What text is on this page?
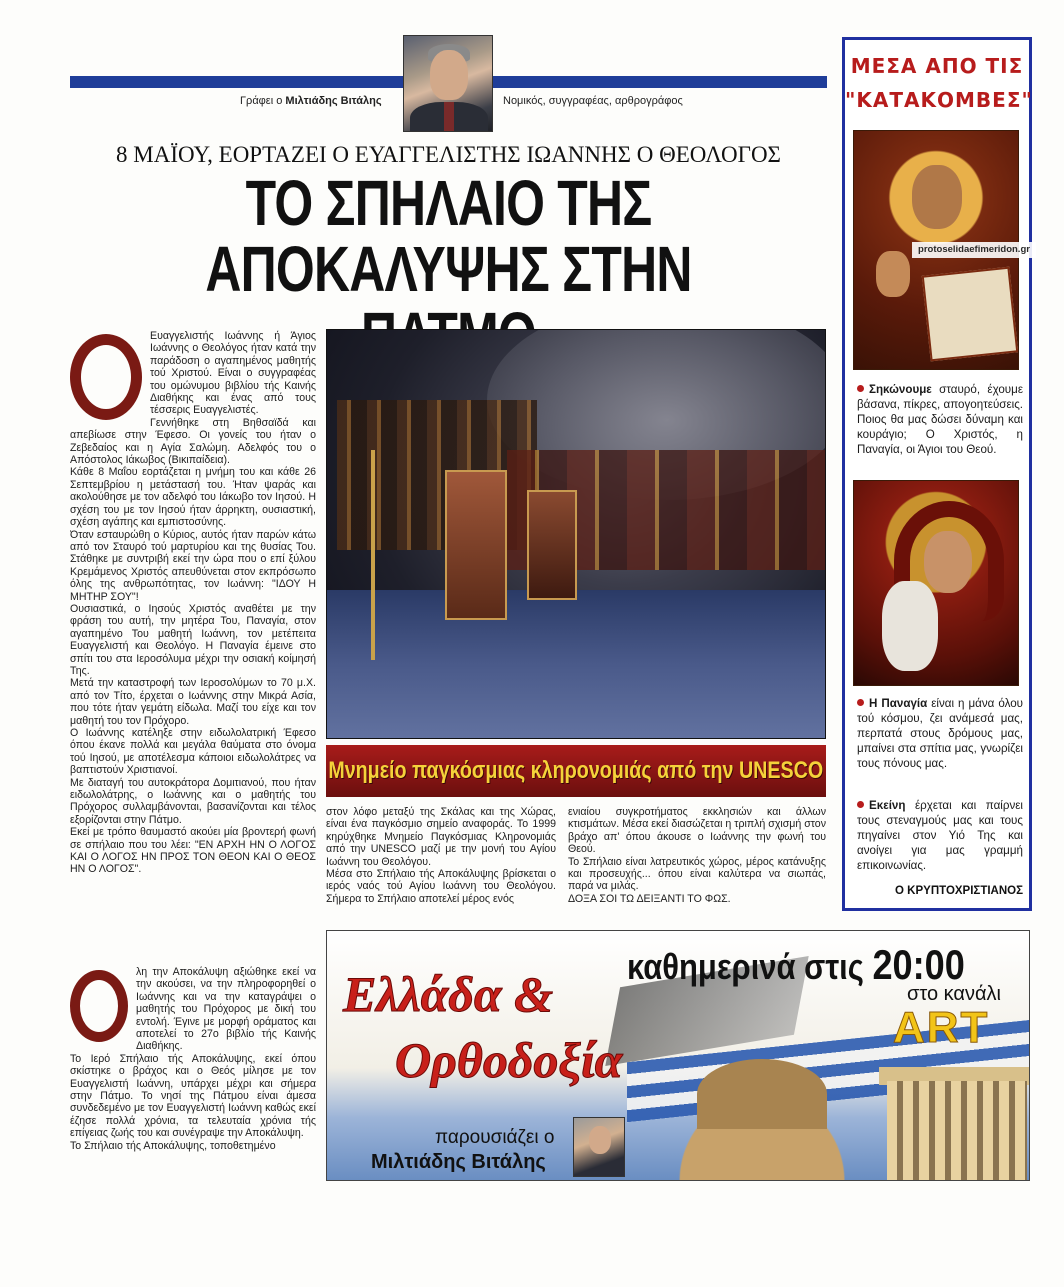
Γράφει ο Μιλτιάδης Βιτάλης	Νομικός, συγγραφέας, αρθρογράφος
8 ΜΑΪΟΥ, ΕΟΡΤΑΖΕΙ Ο ΕΥΑΓΓΕΛΙΣΤΗΣ ΙΩΑΝΝΗΣ Ο ΘΕΟΛΟΓΟΣ
ΤΟ ΣΠΗΛΑΙΟ ΤΗΣ
ΑΠΟΚΑΛΥΨΗΣ ΣΤΗΝ

Ευαγγελιστής Ιωάννης ή Άγιος Ιωάννης ο Θεολόγος ήταν κατά την παράδοση ο αγαπημένος μαθητής τού Χριστού. Είναι ο συγγραφέας του ομώνυμου βιβλίου τής Καινής Διαθήκης και ένας από τους τέσσερις Ευαγγελιστές.

Γεννήθηκε στη Βηθσαϊδά και απεβίωσε στην Έφεσο. Οι γονείς του ήταν ο Ζεβεδαίος και η Αγία Σαλώμη. Αδελφός του ο Απόστολος Ιάκωβος (Βικιπαίδεια).

Κάθε 8 Μαΐου εορτάζεται η μνήμη του και κάθε 26 Σεπτεμβρίου η μετάστασή του. Ήταν ψαράς και ακολούθησε με τον αδελφό του Ιάκωβο τον Ιησού. Η σχέση του με τον Ιησού ήταν άρρηκτη, ουσιαστική, σχέση αγάπης και εμπιστοσύνης.

Όταν εσταυρώθη ο Κύριος, αυτός ήταν παρών κάτω από τον Σταυρό τού μαρτυρίου και της θυσίας Του. Στάθηκε με συντριβή εκεί την ώρα που ο επί ξύλου Κρεμάμενος Χριστός απευθύνεται στον εκπρόσωπο όλης της ανθρωπότητας, τον Ιωάννη: "ΙΔΟΥ Η ΜΗΤΗΡ ΣΟΥ"!

Ουσιαστικά, ο Ιησούς Χριστός αναθέτει με την φράση του αυτή, την μητέρα Του, Παναγία, στον αγαπημένο Του μαθητή Ιωάννη, τον μετέπειτα Ευαγγελιστή και Θεολόγο. Η Παναγία έμεινε στο σπίτι του στα Ιεροσόλυμα μέχρι την οσιακή κοίμησή Της.

Μετά την καταστροφή των Ιεροσολύμων το 70 μ.Χ. από τον Τίτο, έρχεται ο Ιωάννης στην Μικρά Ασία, που τότε ήταν γεμάτη είδωλα. Μαζί του είχε και τον μαθητή του τον Πρόχορο.

Ο Ιωάννης κατέληξε στην ειδωλολατρική Έφεσο όπου έκανε πολλά και μεγάλα θαύματα στο όνομα τού Ιησού, με αποτέλεσμα κάποιοι ειδωλολάτρες να βαπτιστούν Χριστιανοί.

Με διαταγή του αυτοκράτορα Δομιτιανού, που ήταν ειδωλολάτρης, ο Ιωάννης και ο μαθητής του Πρόχορος συλλαμβάνονται, βασανίζονται και τέλος εξορίζονται στην Πάτμο.

Εκεί με τρόπο θαυμαστό ακούει μία βροντερή φωνή σε σπήλαιο που του λέει: "ΕΝ ΑΡΧΗ ΗΝ Ο ΛΟΓΟΣ ΚΑΙ Ο ΛΟΓΟΣ ΗΝ ΠΡΟΣ ΤΟΝ ΘΕΟΝ ΚΑΙ Ο ΘΕΟΣ ΗΝ Ο ΛΟΓΟΣ".

λη την Αποκάλυψη αξιώθηκε εκεί να την ακούσει, να την πληροφορηθεί ο Ιωάννης και να την καταγράψει ο μαθητής του Πρόχορος με δική του εντολή. Έγινε με μορφή οράματος και αποτελεί το 27ο βιβλίο τής Καινής Διαθήκης.

Το Ιερό Σπήλαιο τής Αποκάλυψης, εκεί όπου σκίστηκε ο βράχος και ο Θεός μίλησε με τον Ευαγγελιστή Ιωάννη, υπάρχει μέχρι και σήμερα στην Πάτμο. Το νησί της Πάτμου είναι άμεσα συνδεδεμένο με τον Ευαγγελιστή Ιωάννη καθώς εκεί έζησε πολλά χρόνια, τα τελευταία χρόνια τής επίγειας ζωής του και συνέγραψε την Αποκάλυψη.

Το Σπήλαιο τής Αποκάλυψης, τοποθετημένο

Μνημείο παγκόσμιας κληρονομιάς από την UNESCO

στον λόφο μεταξύ της Σκάλας και της Χώρας, είναι ένα παγκόσμιο σημείο αναφοράς. Το 1999 κηρύχθηκε Μνημείο Παγκόσμιας Κληρονομιάς από την UNESCO μαζί με την μονή του Αγίου Ιωάννη του Θεολόγου.

Μέσα στο Σπήλαιο τής Αποκάλυψης βρίσκεται ο ιερός ναός τού Αγίου Ιωάννη του Θεολόγου. Σήμερα το Σπήλαιο αποτελεί μέρος ενός

ενιαίου συγκροτήματος εκκλησιών και άλλων κτισμάτων. Μέσα εκεί διασώζεται η τριπλή σχισμή στον βράχο απ' όπου άκουσε ο Ιωάννης την φωνή του Θεού.

Το Σπήλαιο είναι λατρευτικός χώρος, μέρος κατάνυξης και προσευχής... όπου είναι καλύτερα να σιωπάς, παρά να μιλάς.

ΔΟΞΑ ΣΟΙ ΤΩ ΔΕΙΞΑΝΤΙ ΤΟ ΦΩΣ.

ΜΕΣΑ ΑΠΟ ΤΙΣ
"ΚΑΤΑΚΟΜΒΕΣ"
Σηκώνουμε σταυρό, έχουμε βάσανα, πίκρες, απογοητεύσεις. Ποιος θα μας δώσει δύναμη και κουράγιο; Ο Χριστός, η Παναγία, οι Άγιοι του Θεού.
Η Παναγία είναι η μάνα όλου τού κόσμου, ζει ανάμεσά μας, περπατά στους δρόμους μας, μπαίνει στα σπίτια μας, γνωρίζει τους πόνους μας.
Εκείνη έρχεται και παίρνει τους στεναγμούς μας και τους πηγαίνει στον Υιό Της και ανοίγει για μας γραμμή επικοινωνίας.
Ο ΚΡΥΠΤΟΧΡΙΣΤΙΑΝΟΣ
protoselidaefimeridon.gr
Ελλάδα &
Ορθοδοξία
καθημερινά στις 20:00
στο κανάλι
ART
παρουσιάζει ο
Μιλτιάδης Βιτάλης
